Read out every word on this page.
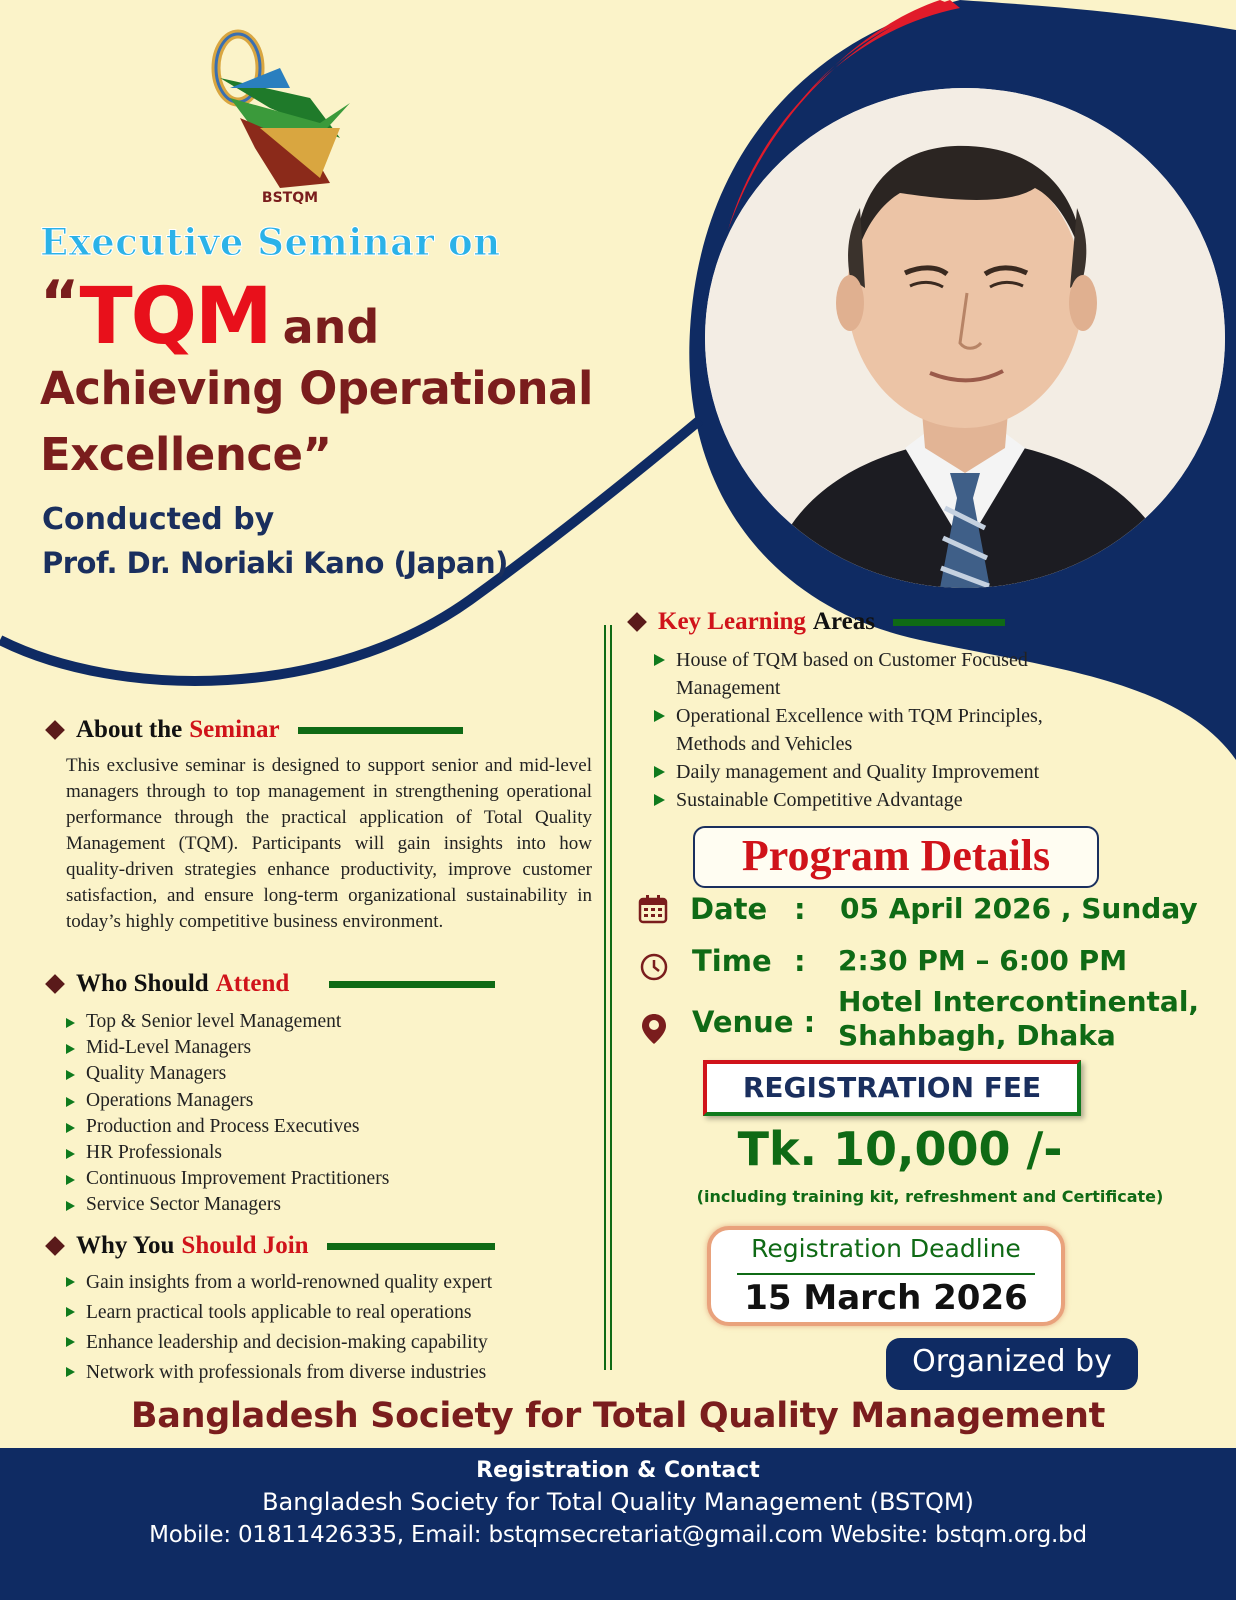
BSTQM
Executive Seminar on
“TQM and
Achieving Operational
Excellence”
Conducted by
Prof. Dr. Noriaki Kano (Japan)
About the Seminar
This exclusive seminar is designed to support senior and mid-level managers through to top management in strengthening operational performance through the practical application of Total Quality Management (TQM). Participants will gain insights into how quality-driven strategies enhance productivity, improve customer satisfaction, and ensure long-term organizational sustainability in today’s highly competitive business environment.
Who Should Attend
Top & Senior level Management
Mid-Level Managers
Quality Managers
Operations Managers
Production and Process Executives
HR Professionals
Continuous Improvement Practitioners
Service Sector Managers
Why You Should Join
Gain insights from a world-renowned quality expert
Learn practical tools applicable to real operations
Enhance leadership and decision-making capability
Network with professionals from diverse industries
Key Learning Areas
House of TQM based on Customer Focused Management
Operational Excellence with TQM Principles, Methods and Vehicles
Daily management and Quality Improvement
Sustainable Competitive Advantage
Program Details
Date : 05 April 2026 , Sunday
Time : 2:30 PM – 6:00 PM
Venue :
Hotel Intercontinental,
Shahbagh, Dhaka
REGISTRATION FEE
Tk. 10,000 /-
(including training kit, refreshment and Certificate)
Registration Deadline
15 March 2026
Organized by
Bangladesh Society for Total Quality Management
Registration & Contact
Bangladesh Society for Total Quality Management (BSTQM)
Mobile: 01811426335, Email: bstqmsecretariat@gmail.com Website: bstqm.org.bd
